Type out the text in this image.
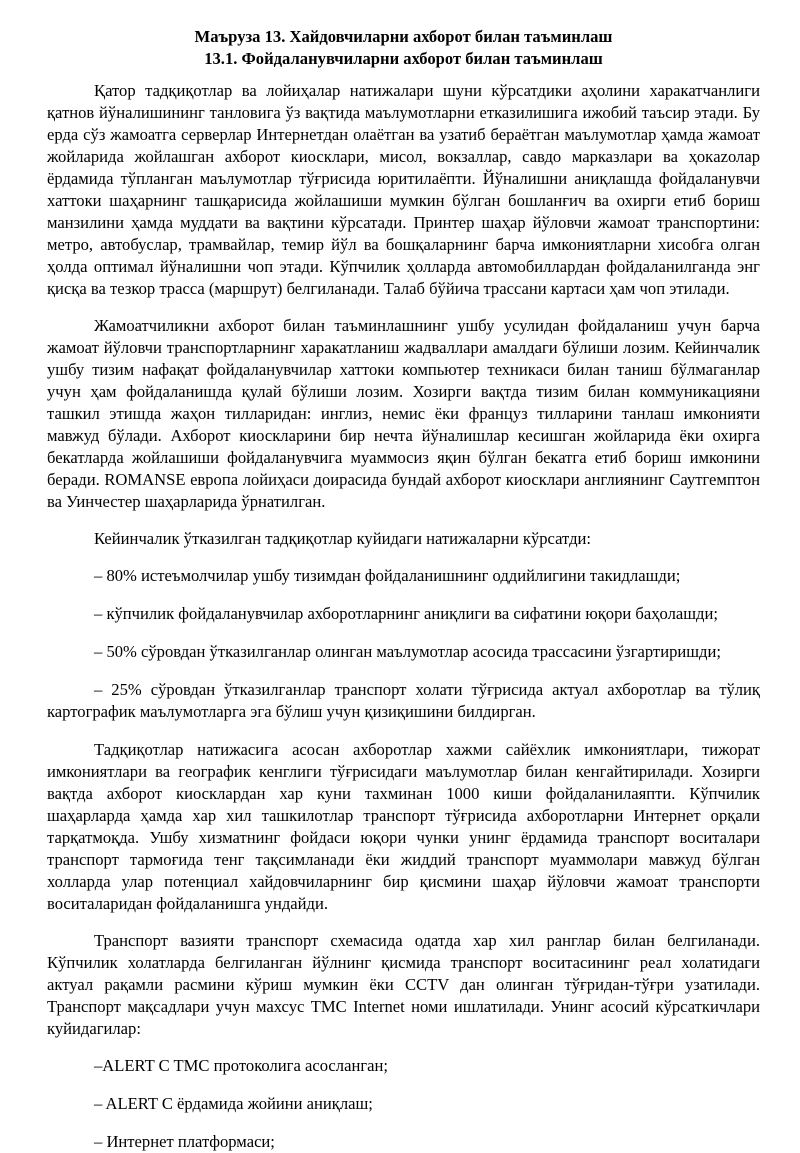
Маъруза 13. Хайдовчиларни ахборот билан таъминлаш

13.1. Фойдаланувчиларни ахборот билан таъминлаш

Қатор тадқиқотлар ва лойиҳалар натижалари шуни кўрсатдики аҳолини харакатчанлиги қатнов йўналишининг танловига ўз вақтида маълумотларни етказилишига ижобий таъсир этади. Бу ерда сўз жамоатга серверлар Интернетдан олаётган ва узатиб бераётган маълумотлар ҳамда жамоат жойларида жойлашган ахборот киосклари, мисол, вокзаллар, савдо марказлари ва ҳокazолар ёрдамида тўпланган маълумотлар тўғрисида юритилаёпти. Йўналишни аниқлашда фойдаланувчи хаттоки шаҳарнинг ташқарисида жойлашиши мумкин бўлган бошланғич ва охирги етиб бориш манзилини ҳамда муддати ва вақтини кўрсатади. Принтер шаҳар йўловчи жамоат транспортини: метро, автобуслар, трамвайлар, темир йўл ва бошқаларнинг барча имкониятларни хисобга олган ҳолда оптимал йўналишни чоп этади. Кўпчилик ҳолларда автомобиллардан фойдаланилганда энг қисқа ва тезкор трасса (маршрут) белгиланади. Талаб бўйича трассани картаси ҳам чоп этилади.

Жамоатчиликни ахборот билан таъминлашнинг ушбу усулидан фойдаланиш учун барча жамоат йўловчи транспортларнинг харакатланиш жадваллари амалдаги бўлиши лозим. Кейинчалик ушбу тизим нафақат фойдаланувчилар хаттоки компьютер техникаси билан таниш бўлмаганлар учун ҳам фойдаланишда қулай бўлиши лозим. Хозирги вақтда тизим билан коммуникацияни ташкил этишда жаҳон тилларидан: инглиз, немис ёки француз тилларини танлаш имконияти мавжуд бўлади. Ахборот киоскларини бир нечта йўналишлар кесишган жойларида ёки охирга бекатларда жойлашиши фойдаланувчига муаммосиз яқин бўлган бекатга етиб бориш имконини беради. ROMANSE европа лойиҳаси доирасида бундай ахборот киосклари англиянинг Саутгемптон ва Уинчестер шаҳарларида ўрнатилган.

Кейинчалик ўтказилган тадқиқотлар куйидаги натижаларни кўрсатди:

– 80% истеъмолчилар ушбу тизимдан фойдаланишнинг оддийлигини такидлашди;

– кўпчилик фойдаланувчилар ахборотларнинг аниқлиги ва сифатини юқори баҳолашди;

– 50% сўровдан ўтказилганлар олинган маълумотлар асосида трассасини ўзгартиришди;

– 25% сўровдан ўтказилганлар транспорт холати тўғрисида актуал ахборотлар ва тўлиқ картографик маълумотларга эга бўлиш учун қизиқишини билдирган.

Тадқиқотлар натижасига асосан ахборотлар хажми сайёхлик имкониятлари, тижорат имкониятлари ва географик кенглиги тўғрисидаги маълумотлар билан кенгайтирилади. Хозирги вақтда ахборот киосклардан хар куни тахминан 1000 киши фойдаланилаяпти. Кўпчилик шаҳарларда ҳамда хар хил ташкилотлар транспорт тўғрисида ахборотларни Интернет орқали тарқатмоқда. Ушбу хизматнинг фойдаси юқори чунки унинг ёрдамида транспорт воситалари транспорт тармоғида тенг тақсимланади ёки жиддий транспорт муаммолари мавжуд бўлган холларда улар потенциал хайдовчиларнинг бир қисмини шаҳар йўловчи жамоат транспорти воситаларидан фойдаланишга ундайди.

Транспорт вазияти транспорт схемасида одатда хар хил ранглар билан белгиланади. Кўпчилик холатларда белгиланган йўлнинг қисмида транспорт воситасининг реал холатидаги актуал рақамли расмини кўриш мумкин ёки CCTV дан олинган тўғридан-тўғри узатилади. Транспорт мақсадлари учун махсус TMC Internet номи ишлатилади. Унинг асосий кўрсаткичлари куйидагилар:

–ALERT C TMC протоколига асосланган;

– ALERT C ёрдамида жойини аниқлаш;

– Интернет платформаси;
